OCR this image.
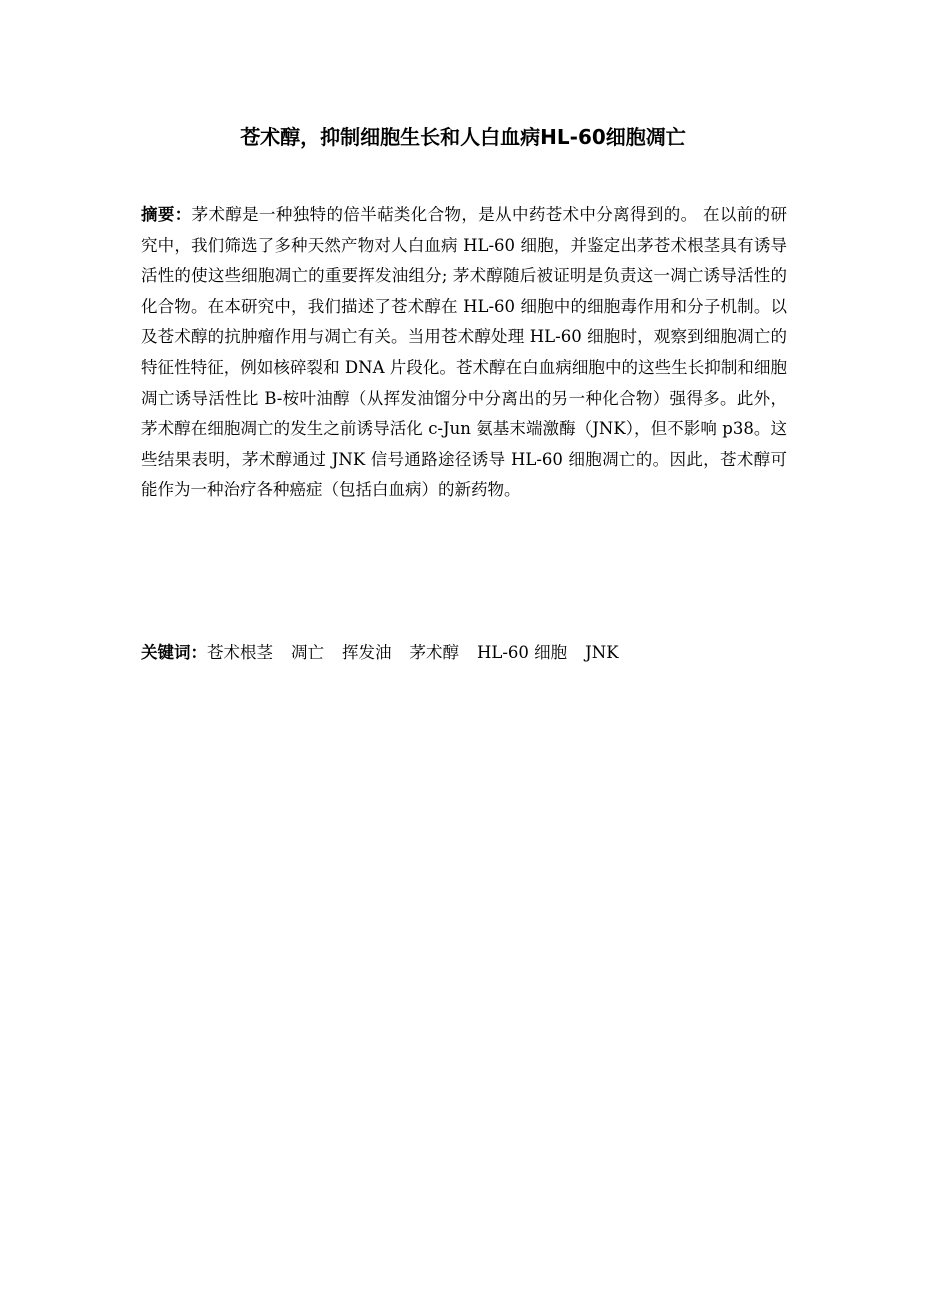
苍术醇，抑制细胞生长和人白血病HL-60细胞凋亡

摘要：茅术醇是一种独特的倍半萜类化合物，是从中药苍术中分离得到的。 在以前的研究中，我们筛选了多种天然产物对人白血病 HL-60 细胞，并鉴定出茅苍术根茎具有诱导活性的使这些细胞凋亡的重要挥发油组分; 茅术醇随后被证明是负责这一凋亡诱导活性的化合物。在本研究中，我们描述了苍术醇在 HL-60 细胞中的细胞毒作用和分子机制。以及苍术醇的抗肿瘤作用与凋亡有关。当用苍术醇处理 HL-60 细胞时，观察到细胞凋亡的特征性特征，例如核碎裂和 DNA 片段化。苍术醇在白血病细胞中的这些生长抑制和细胞凋亡诱导活性比 B-桉叶油醇（从挥发油馏分中分离出的另一种化合物）强得多。此外，茅术醇在细胞凋亡的发生之前诱导活化 c-Jun 氨基末端激酶（JNK），但不影响 p38。这些结果表明，茅术醇通过 JNK 信号通路途径诱导 HL-60 细胞凋亡的。因此，苍术醇可能作为一种治疗各种癌症（包括白血病）的新药物。

关键词：苍术根茎 凋亡 挥发油 茅术醇 HL-60 细胞 JNK
